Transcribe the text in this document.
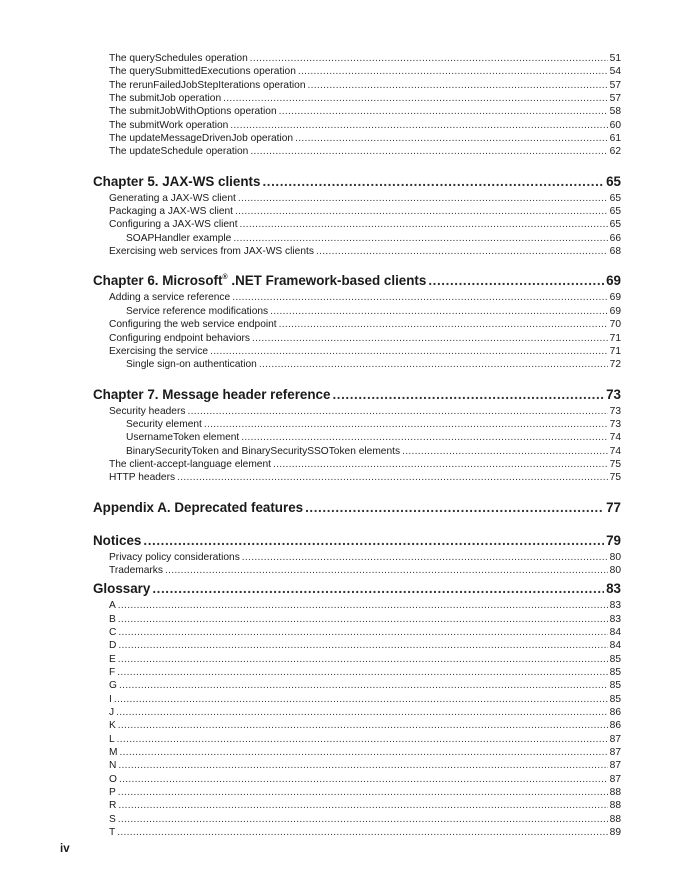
The querySchedules operation .....	51
The querySubmittedExecutions operation .....	54
The rerunFailedJobStepIterations operation .....	57
The submitJob operation .....	57
The submitJobWithOptions operation .....	58
The submitWork operation .....	60
The updateMessageDrivenJob operation .....	61
The updateSchedule operation .....	62
Chapter 5. JAX-WS clients .....	65
Generating a JAX-WS client .....	65
Packaging a JAX-WS client .....	65
Configuring a JAX-WS client .....	65
SOAPHandler example .....	66
Exercising web services from JAX-WS clients .....	68
Chapter 6. Microsoft® .NET Framework-based clients .....	69
Adding a service reference .....	69
Service reference modifications .....	69
Configuring the web service endpoint .....	70
Configuring endpoint behaviors .....	71
Exercising the service .....	71
Single sign-on authentication .....	72
Chapter 7. Message header reference .....	73
Security headers .....	73
Security element .....	73
UsernameToken element .....	74
BinarySecurityToken and BinarySecuritySSOToken elements .....	74
The client-accept-language element .....	75
HTTP headers .....	75
Appendix A. Deprecated features .....	77
Notices .....	79
Privacy policy considerations .....	80
Trademarks .....	80
Glossary .....	83
A .....	83
B .....	83
C .....	84
D .....	84
E .....	85
F .....	85
G .....	85
I .....	85
J .....	86
K .....	86
L .....	87
M .....	87
N .....	87
O .....	87
P .....	88
R .....	88
S .....	88
T .....	89
iv
